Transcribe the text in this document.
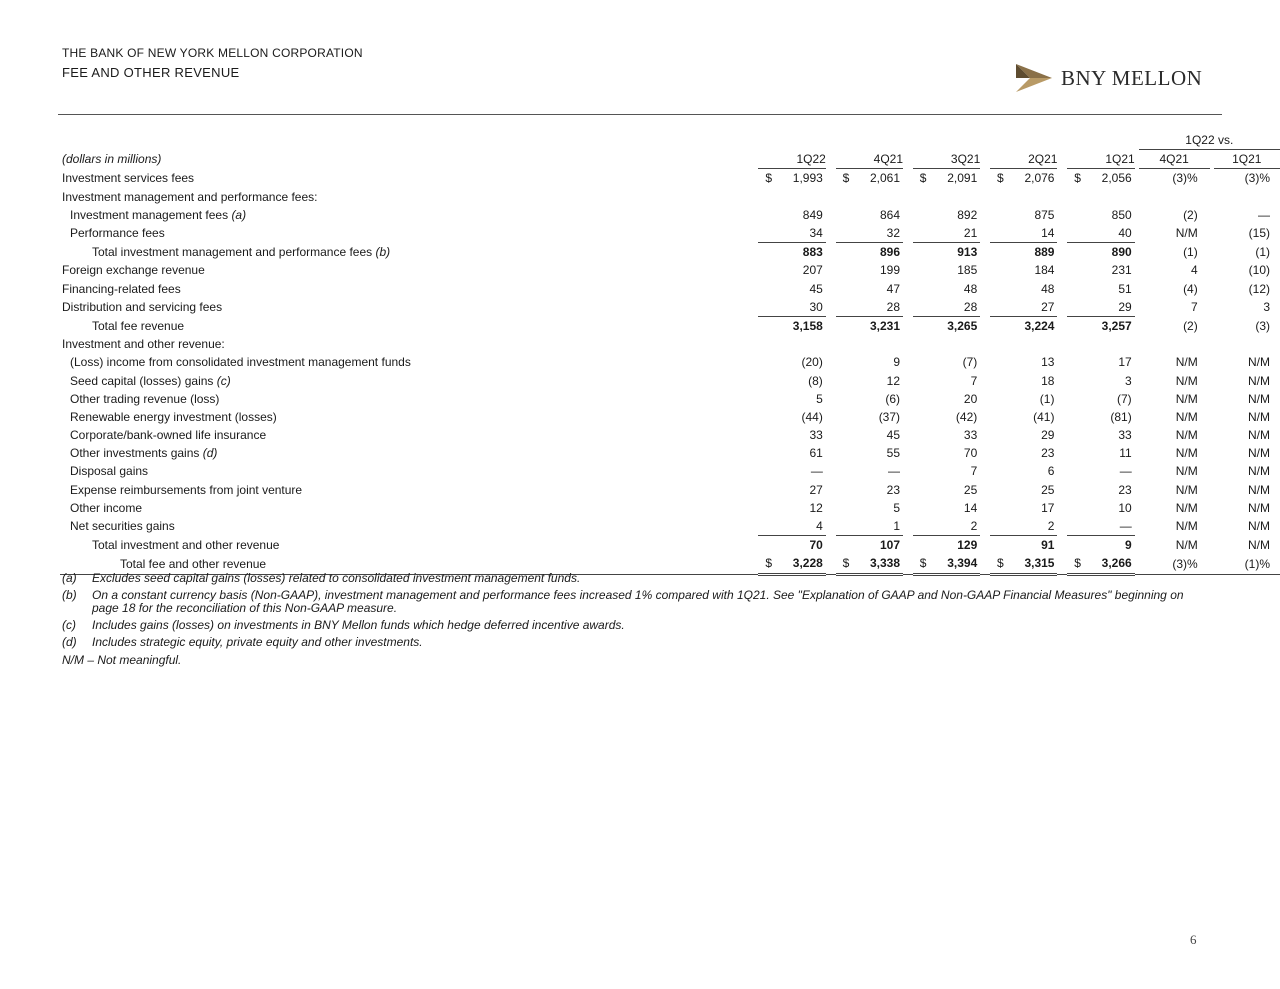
THE BANK OF NEW YORK MELLON CORPORATION
FEE AND OTHER REVENUE	BNY MELLON
												1Q22 vs.		
(dollars in millions)		1Q22		4Q21		3Q21		2Q21		1Q21		4Q21		1Q21
Investment services fees		$ 1,993		$ 2,061		$ 2,091		$ 2,076		$ 2,056		(3)%		(3)%
Investment management and performance fees:		

Investment management fees (a)		849		864		892		875		850		(2)		—
Performance fees		34		32		21		14		40		N/M		(15)
Total investment management and performance fees (b)		883		896		913		889		890		(1)		(1)
Foreign exchange revenue		207		199		185		184		231		4		(10)
Financing-related fees		45		47		48		48		51		(4)		(12)
Distribution and servicing fees		30		28		28		27		29		7		3
Total fee revenue		3,158		3,231		3,265		3,224		3,257		(2)		(3)
Investment and other revenue:		

(Loss) income from consolidated investment management funds		(20)		9		(7)		13		17		N/M		N/M
Seed capital (losses) gains (c)		(8)		12		7		18		3		N/M		N/M
Other trading revenue (loss)		5		(6)		20		(1)		(7)		N/M		N/M
Renewable energy investment (losses)		(44)		(37)		(42)		(41)		(81)		N/M		N/M
Corporate/bank-owned life insurance		33		45		33		29		33		N/M		N/M
Other investments gains (d)		61		55		70		23		11		N/M		N/M
Disposal gains		—		—		7		6		—		N/M		N/M
Expense reimbursements from joint venture		27		23		25		25		23		N/M		N/M
Other income		12		5		14		17		10		N/M		N/M
Net securities gains		4		1		2		2		—		N/M		N/M
Total investment and other revenue		70		107		129		91		9		N/M		N/M
Total fee and other revenue		$ 3,228		$ 3,338		$ 3,394		$ 3,315		$ 3,266		(3)%		(1)%
(a)	Excludes seed capital gains (losses) related to consolidated investment management funds.
(b)	On a constant currency basis (Non-GAAP), investment management and performance fees increased 1% compared with 1Q21. See "Explanation of GAAP and Non-GAAP Financial Measures" beginning on page 18 for the reconciliation of this Non-GAAP measure.
(c)	Includes gains (losses) on investments in BNY Mellon funds which hedge deferred incentive awards.
(d)	Includes strategic equity, private equity and other investments.
N/M – Not meaningful.
6
